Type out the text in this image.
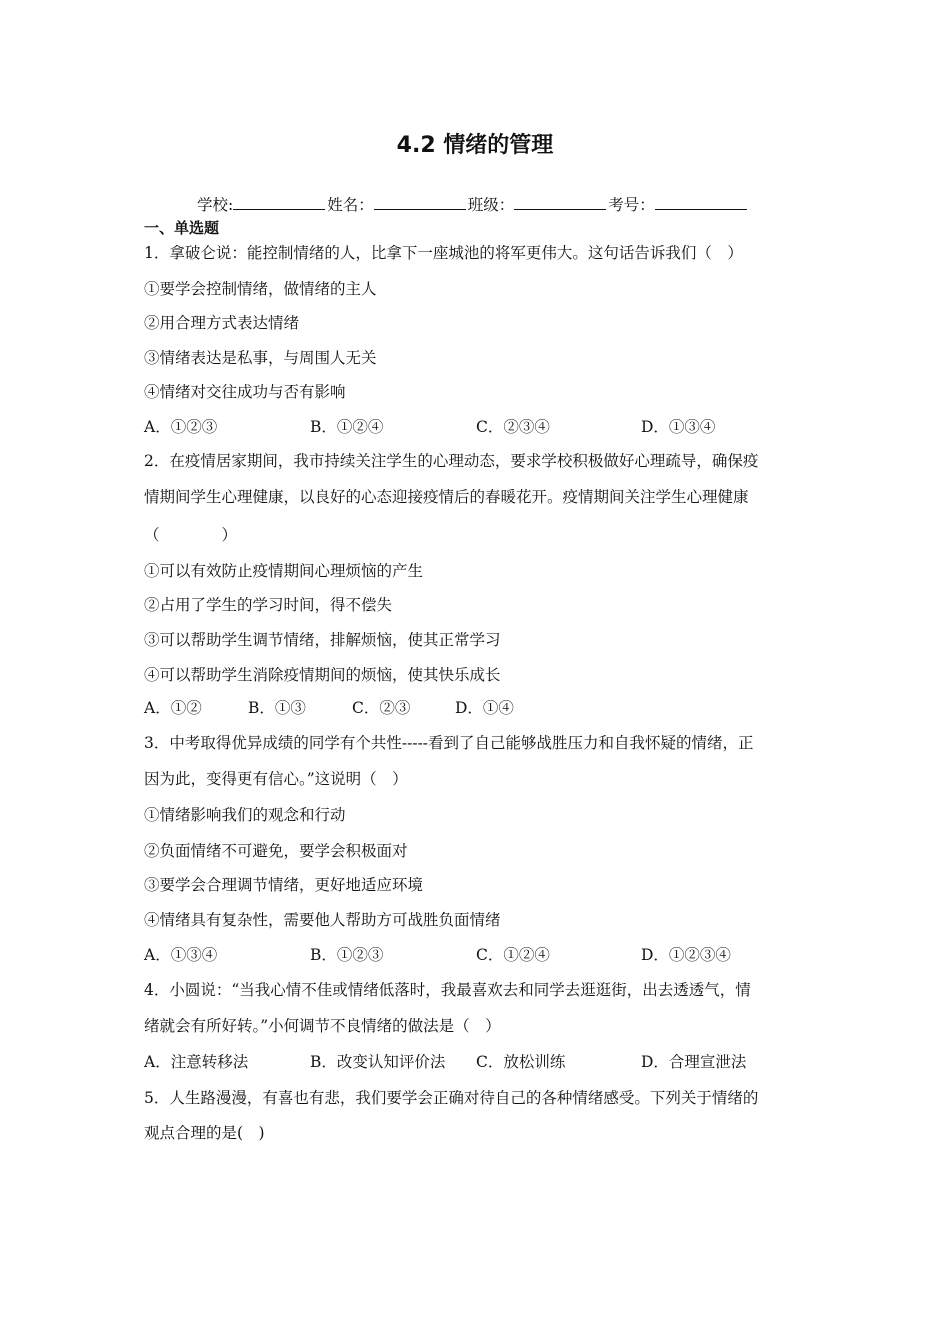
4.2 情绪的管理
学校:	姓名：	班级：	考号：
一、单选题
1．拿破仑说：能控制情绪的人，比拿下一座城池的将军更伟大。这句话告诉我们（　）
①要学会控制情绪，做情绪的主人
②用合理方式表达情绪
③情绪表达是私事，与周围人无关
④情绪对交往成功与否有影响
A．①②③	B．①②④	C．②③④	D．①③④
2．在疫情居家期间，我市持续关注学生的心理动态，要求学校积极做好心理疏导，确保疫
情期间学生心理健康，以良好的心态迎接疫情后的春暖花开。疫情期间关注学生心理健康
（　　　　）
①可以有效防止疫情期间心理烦恼的产生
②占用了学生的学习时间，得不偿失
③可以帮助学生调节情绪，排解烦恼，使其正常学习
④可以帮助学生消除疫情期间的烦恼，使其快乐成长
A．①②	B．①③	C．②③	D．①④
3．中考取得优异成绩的同学有个共性-----看到了自己能够战胜压力和自我怀疑的情绪，正
因为此，变得更有信心。”这说明（　）
①情绪影响我们的观念和行动
②负面情绪不可避免，要学会积极面对
③要学会合理调节情绪，更好地适应环境
④情绪具有复杂性，需要他人帮助方可战胜负面情绪
A．①③④	B．①②③	C．①②④	D．①②③④
4．小圆说：“当我心情不佳或情绪低落时，我最喜欢去和同学去逛逛街，出去透透气，情
绪就会有所好转。”小何调节不良情绪的做法是（　）
A．注意转移法	B．改变认知评价法 C．放松训练	D．合理宣泄法
5．人生路漫漫，有喜也有悲，我们要学会正确对待自己的各种情绪感受。下列关于情绪的
观点合理的是(　)
